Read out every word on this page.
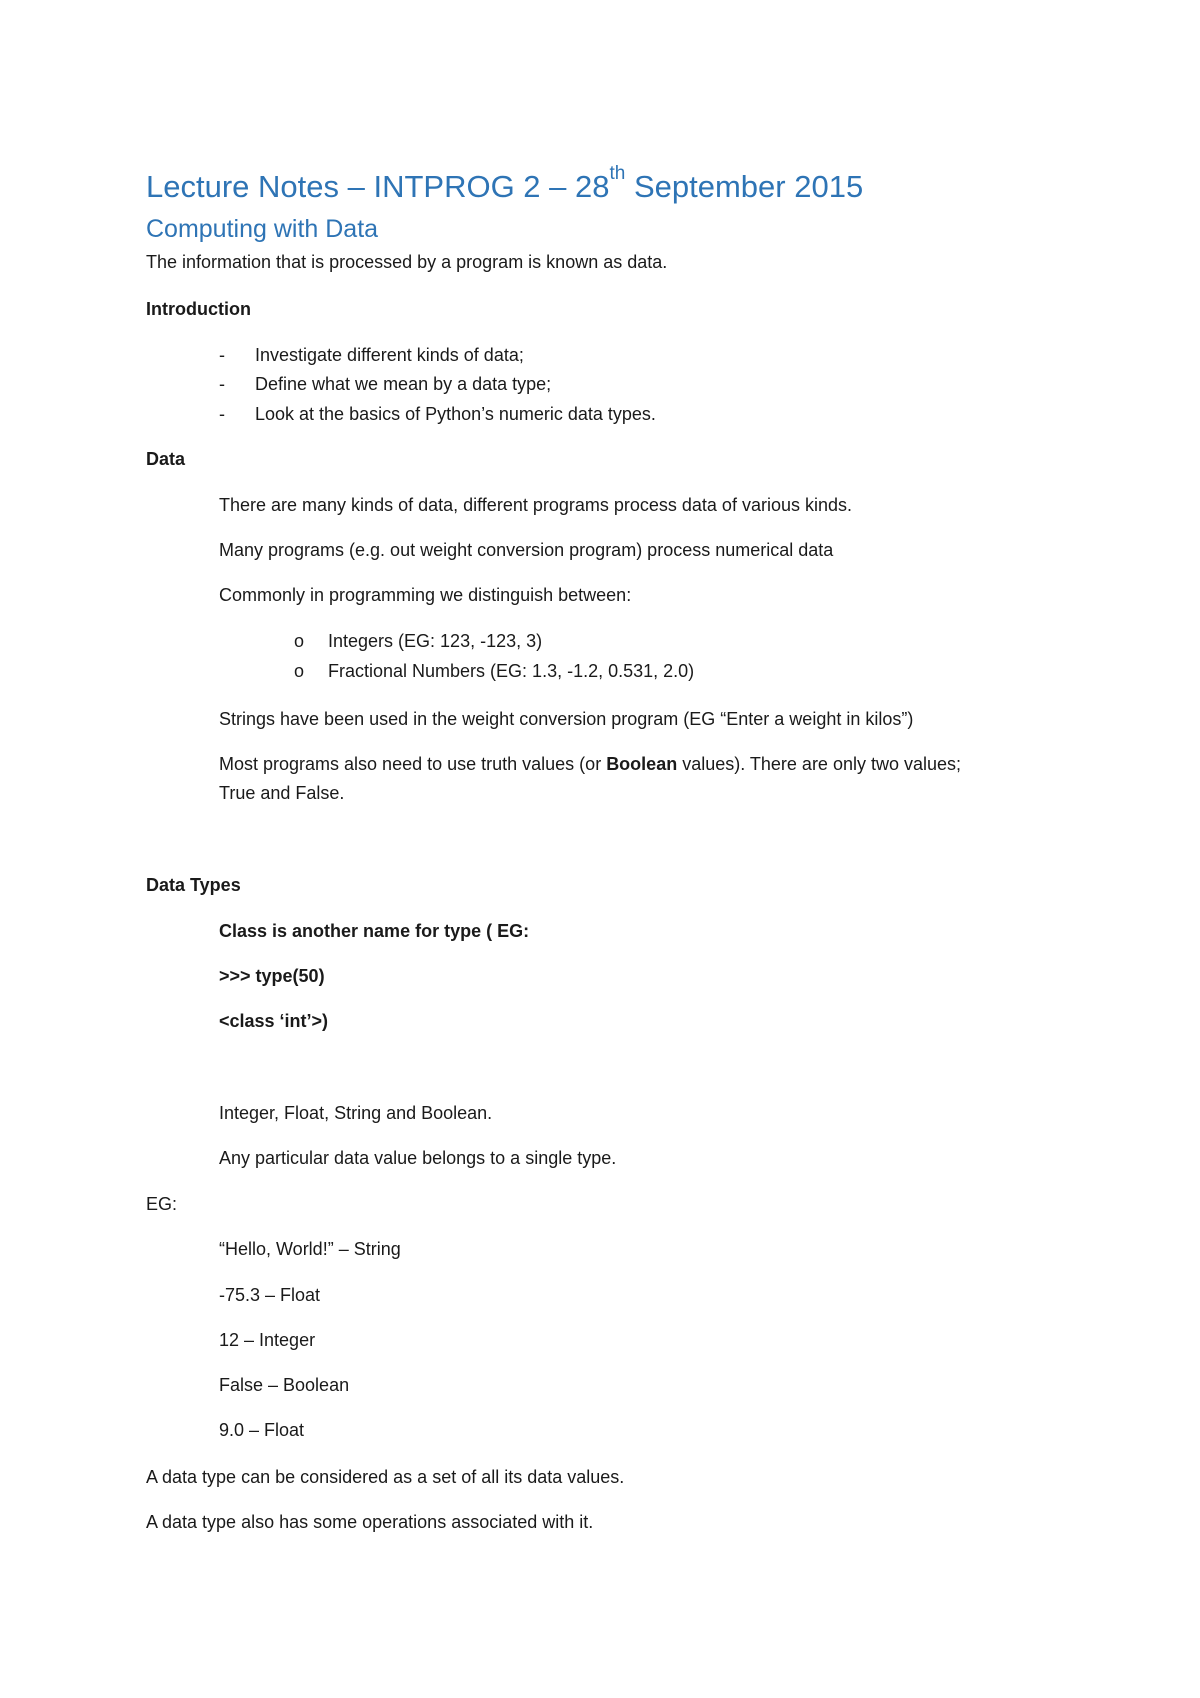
Lecture Notes – INTPROG 2 – 28th September 2015
Computing with Data
The information that is processed by a program is known as data.
Introduction
- Investigate different kinds of data;
- Define what we mean by a data type;
- Look at the basics of Python’s numeric data types.
Data
There are many kinds of data, different programs process data of various kinds.
Many programs (e.g. out weight conversion program) process numerical data
Commonly in programming we distinguish between:
o Integers (EG: 123, -123, 3)
o Fractional Numbers (EG: 1.3, -1.2, 0.531, 2.0)
Strings have been used in the weight conversion program (EG “Enter a weight in kilos”)
Most programs also need to use truth values (or Boolean values). There are only two values;
True and False.
Data Types
Class is another name for type ( EG:
>>> type(50)
<class ‘int’>)
Integer, Float, String and Boolean.
Any particular data value belongs to a single type.
EG:
“Hello, World!” – String
-75.3 – Float
12 – Integer
False – Boolean
9.0 – Float
A data type can be considered as a set of all its data values.
A data type also has some operations associated with it.
